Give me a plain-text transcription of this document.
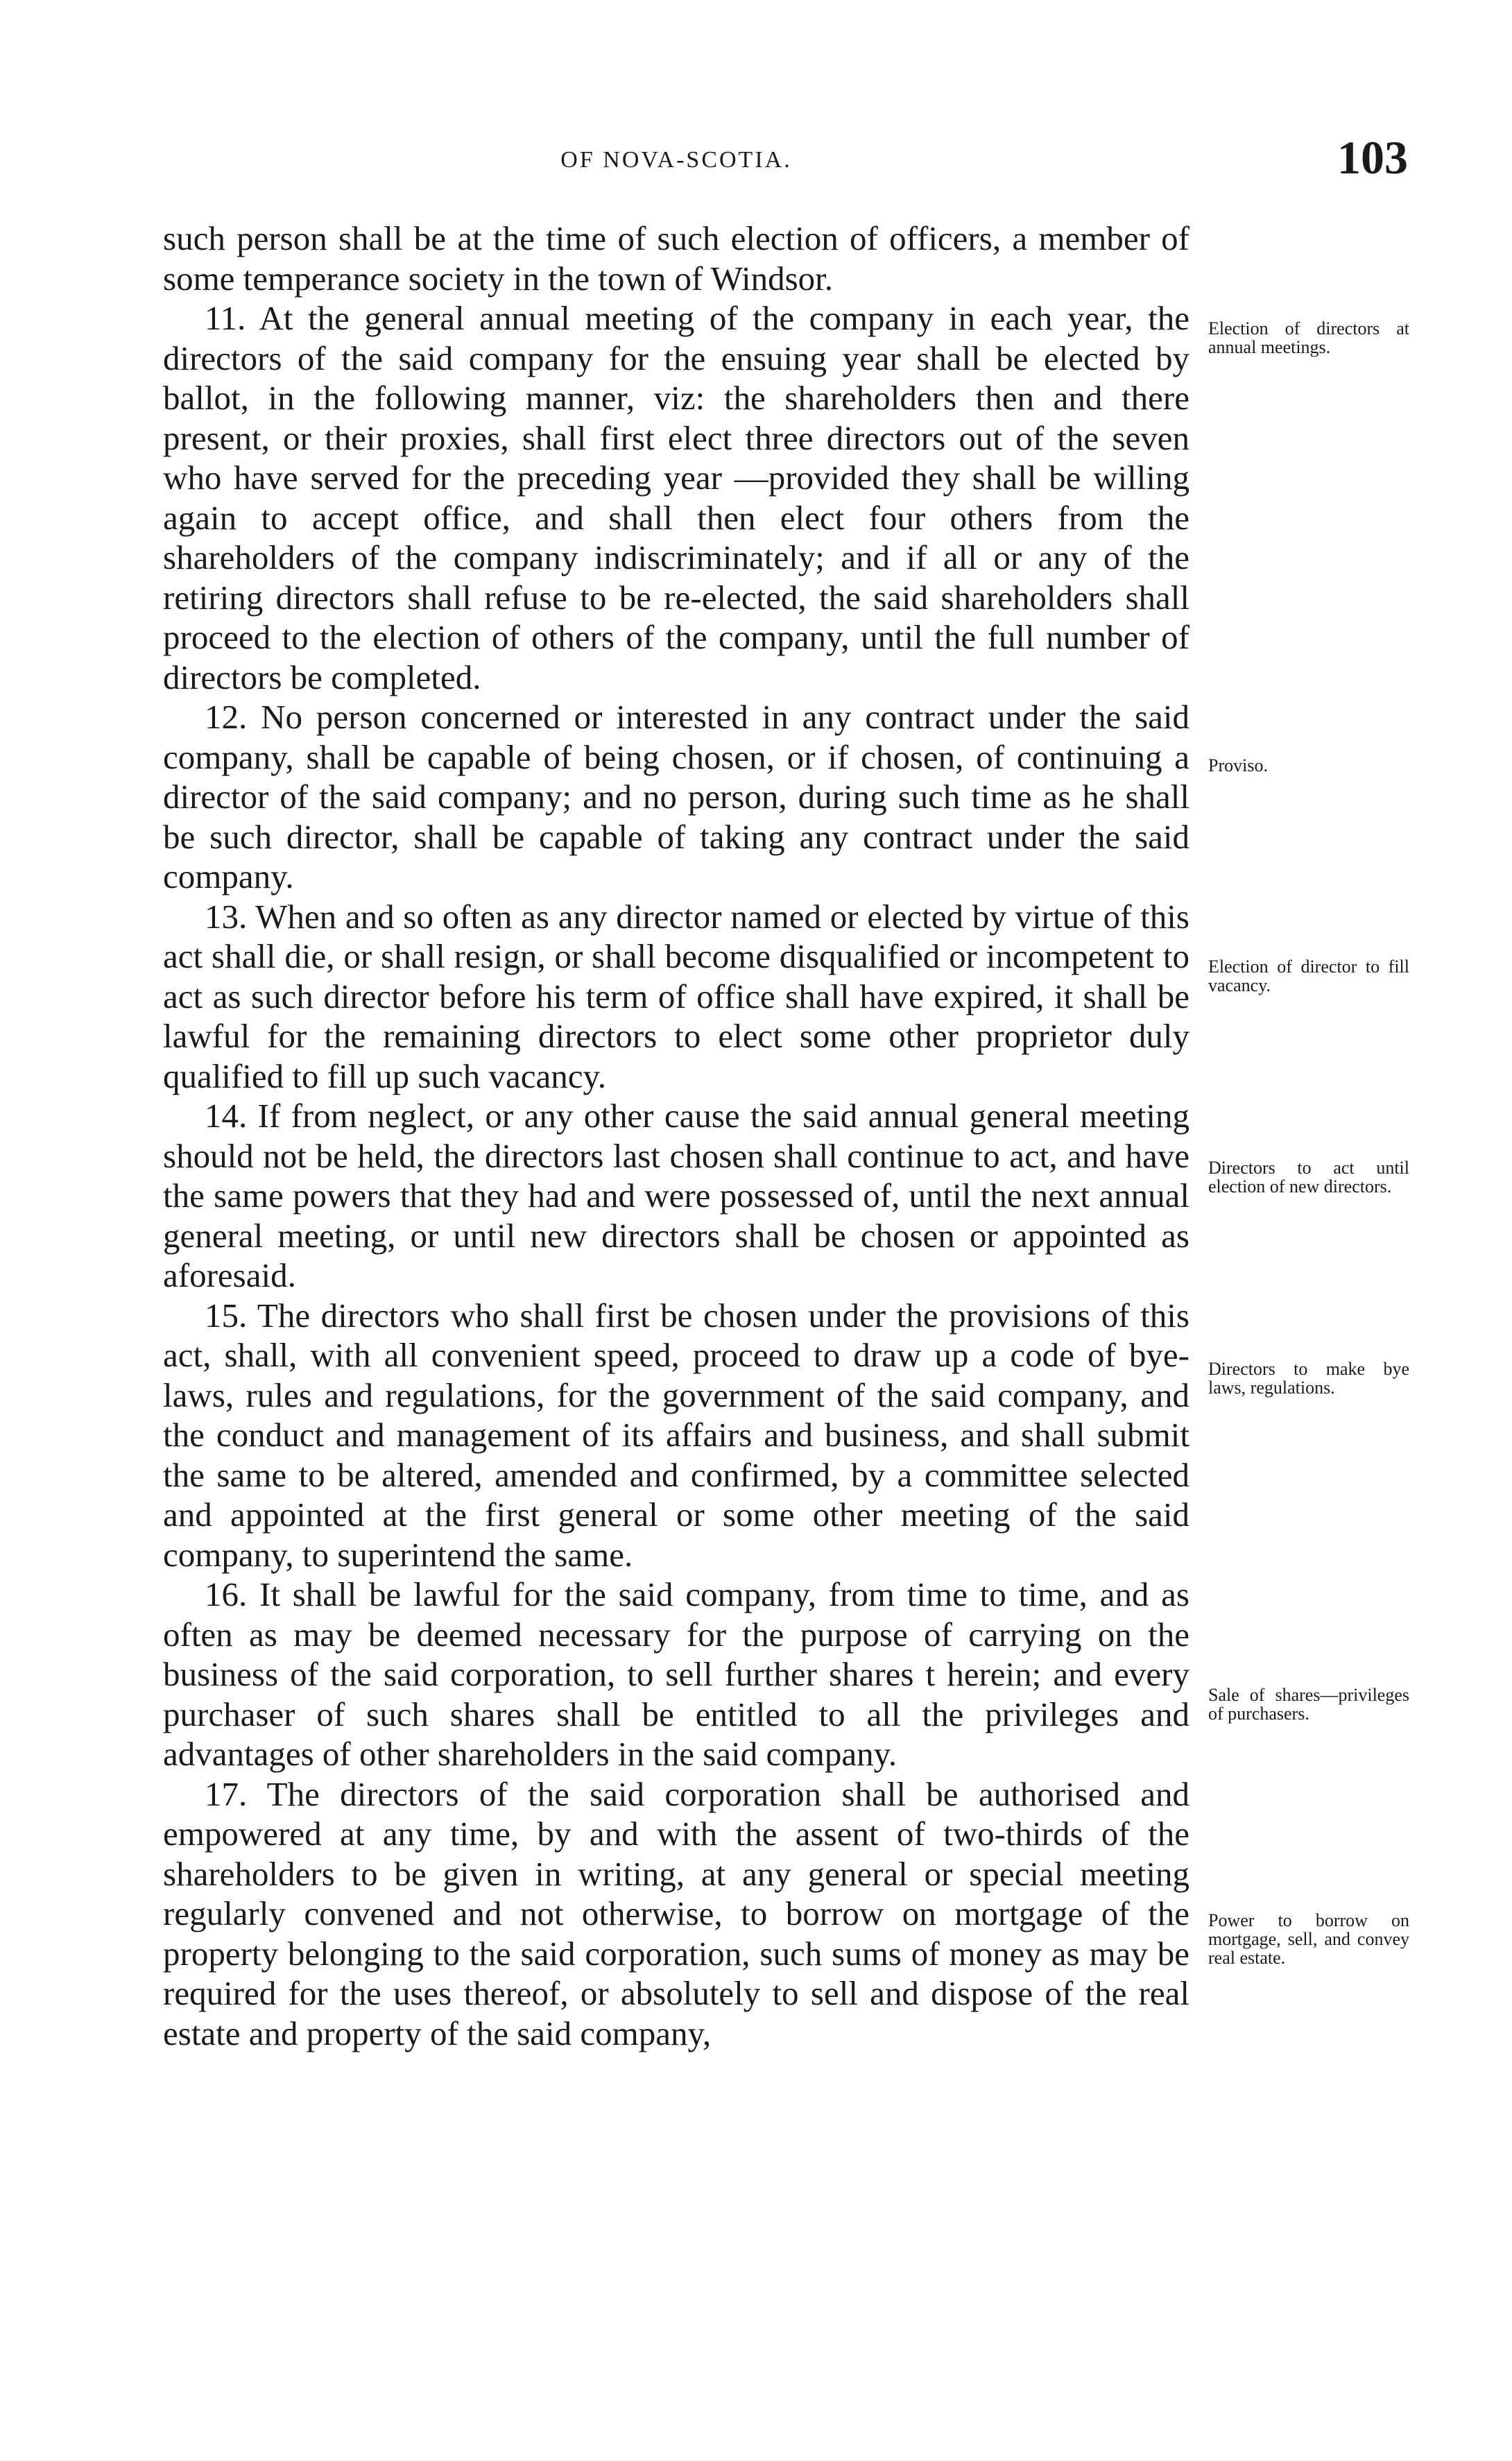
OF NOVA-SCOTIA.	103

such person shall be at the time of such election of officers, a member of some temperance society in the town of Windsor.

11. At the general annual meeting of the company in each year, the directors of the said company for the ensuing year shall be elected by ballot, in the following manner, viz: the shareholders then and there present, or their proxies, shall first elect three directors out of the seven who have served for the preceding year —provided they shall be willing again to accept office, and shall then elect four others from the shareholders of the company indiscriminately; and if all or any of the retiring directors shall refuse to be re-elected, the said shareholders shall proceed to the election of others of the company, until the full number of directors be completed.

12. No person concerned or interested in any contract under the said company, shall be capable of being chosen, or if chosen, of continuing a director of the said company; and no person, during such time as he shall be such director, shall be capable of taking any contract under the said company.

13. When and so often as any director named or elected by virtue of this act shall die, or shall resign, or shall become disqualified or incompetent to act as such director before his term of office shall have expired, it shall be lawful for the remaining directors to elect some other proprietor duly qualified to fill up such vacancy.

14. If from neglect, or any other cause the said annual general meeting should not be held, the directors last chosen shall continue to act, and have the same powers that they had and were possessed of, until the next annual general meeting, or until new directors shall be chosen or appointed as aforesaid.

15. The directors who shall first be chosen under the provisions of this act, shall, with all convenient speed, proceed to draw up a code of bye-laws, rules and regulations, for the government of the said company, and the conduct and management of its affairs and business, and shall submit the same to be altered, amended and confirmed, by a committee selected and appointed at the first general or some other meeting of the said company, to superintend the same.

16. It shall be lawful for the said company, from time to time, and as often as may be deemed necessary for the purpose of carrying on the business of the said corporation, to sell further shares t herein; and every purchaser of such shares shall be entitled to all the privileges and advantages of other shareholders in the said company.

17. The directors of the said corporation shall be authorised and empowered at any time, by and with the assent of two-thirds of the shareholders to be given in writing, at any general or special meeting regularly convened and not otherwise, to borrow on mortgage of the property belonging to the said corporation, such sums of money as may be required for the uses thereof, or absolutely to sell and dispose of the real estate and property of the said company,

Election of directors at annual meetings.
Proviso.
Election of director to fill vacancy.
Directors to act until election of new directors.
Directors to make bye laws, regulations.
Sale of shares—privileges of purchasers.
Power to borrow on mortgage, sell, and convey real estate.
